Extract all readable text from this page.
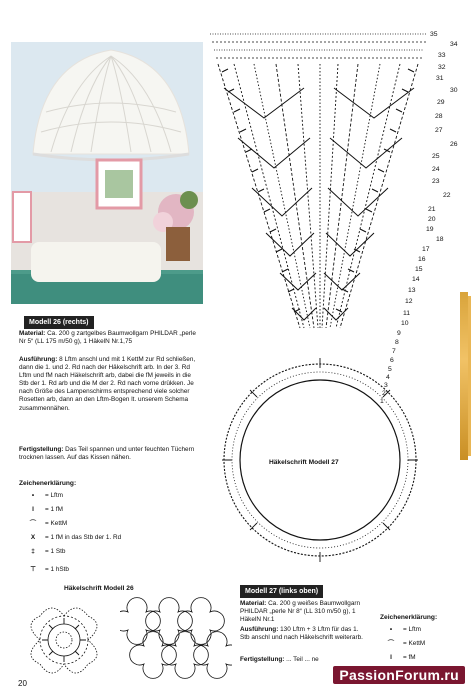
Modell 26 (rechts)
Material: Ca. 200 g zartgelbes Baumwollgarn PHILDAR „perle Nr 5“ (LL 175 m/50 g), 1 HäkelN Nr.1,75
Ausführung: 8 Lftm anschl und mit 1 KettM zur Rd schließen, dann die 1. und 2. Rd nach der Häkelschrift arb. In der 3. Rd Lftm und fM nach Häkelschrift arb, dabei die fM jeweils in die Stb der 1. Rd arb und die M der 2. Rd nach vorne drükken. Je nach Größe des Lampenschirms entsprechend viele solcher Rosetten arb, dann an den Lftm-Bogen lt. unserem Schema zusammennähen.
Fertigstellung: Das Teil spannen und unter feuchten Tüchern trocknen lassen. Auf das Kissen nähen.
Zeichenerklärung:
•	= Lftm
I	= 1 fM
⌒	= KettM
X	= 1 fM in das Stb der 1. Rd
‡	= 1 Stb
⊤	= 1 hStb
Häkelschrift Modell 26
20
Häkelschrift Modell 27
35
34
33
32
31
30
29
28
27
26
25
24
23
22
21
20
19
18
17
16
15
14
13
12
11
10
9
8
7
6
5
4
3
2
1
Modell 27 (links oben)
Material: Ca. 200 g weißes Baumwollgarn PHILDAR „perle Nr 8“ (LL 310 m/50 g), 1 HäkelN Nr.1
Ausführung: 130 Lftm + 3 Lftm für das 1. Stb anschl und nach Häkelschrift weiterarb.
Fertigstellung: ... Teil ... ne
Zeichenerklärung:
•	= Lftm
⌒	= KettM
I	= fM
PassionForum.ru
